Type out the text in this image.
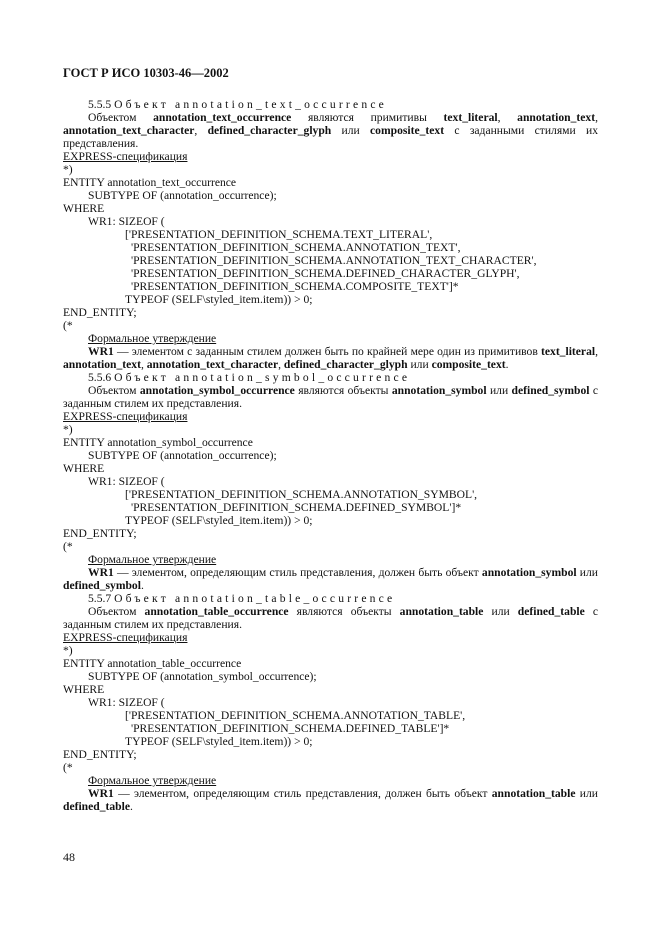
ГОСТ Р ИСО 10303-46—2002
5.5.5 Объект annotation_text_occurrence
Объектом annotation_text_occurrence являются примитивы text_literal, annotation_text, annotation_text_character, defined_character_glyph или composite_text с заданными стилями их представления.
EXPRESS-спецификация
*)
ENTITY annotation_text_occurrence
SUBTYPE OF (annotation_occurrence);
WHERE
WR1: SIZEOF (
['PRESENTATION_DEFINITION_SCHEMA.TEXT_LITERAL',
'PRESENTATION_DEFINITION_SCHEMA.ANNOTATION_TEXT',
'PRESENTATION_DEFINITION_SCHEMA.ANNOTATION_TEXT_CHARACTER',
'PRESENTATION_DEFINITION_SCHEMA.DEFINED_CHARACTER_GLYPH',
'PRESENTATION_DEFINITION_SCHEMA.COMPOSITE_TEXT']*
TYPEOF (SELF\styled_item.item)) > 0;
END_ENTITY;
(*
Формальное утверждение
WR1 — элементом с заданным стилем должен быть по крайней мере один из примитивов text_literal, annotation_text, annotation_text_character, defined_character_glyph или composite_text.
5.5.6 Объект annotation_symbol_occurrence
Объектом annotation_symbol_occurrence являются объекты annotation_symbol или defined_symbol с заданным стилем их представления.
EXPRESS-спецификация
*)
ENTITY annotation_symbol_occurrence
SUBTYPE OF (annotation_occurrence);
WHERE
WR1: SIZEOF (
['PRESENTATION_DEFINITION_SCHEMA.ANNOTATION_SYMBOL',
'PRESENTATION_DEFINITION_SCHEMA.DEFINED_SYMBOL']*
TYPEOF (SELF\styled_item.item)) > 0;
END_ENTITY;
(*
Формальное утверждение
WR1 — элементом, определяющим стиль представления, должен быть объект annotation_symbol или defined_symbol.
5.5.7 Объект annotation_table_occurrence
Объектом annotation_table_occurrence являются объекты annotation_table или defined_table с заданным стилем их представления.
EXPRESS-спецификация
*)
ENTITY annotation_table_occurrence
SUBTYPE OF (annotation_symbol_occurrence);
WHERE
WR1: SIZEOF (
['PRESENTATION_DEFINITION_SCHEMA.ANNOTATION_TABLE',
'PRESENTATION_DEFINITION_SCHEMA.DEFINED_TABLE']*
TYPEOF (SELF\styled_item.item)) > 0;
END_ENTITY;
(*
Формальное утверждение
WR1 — элементом, определяющим стиль представления, должен быть объект annotation_table или defined_table.
48
